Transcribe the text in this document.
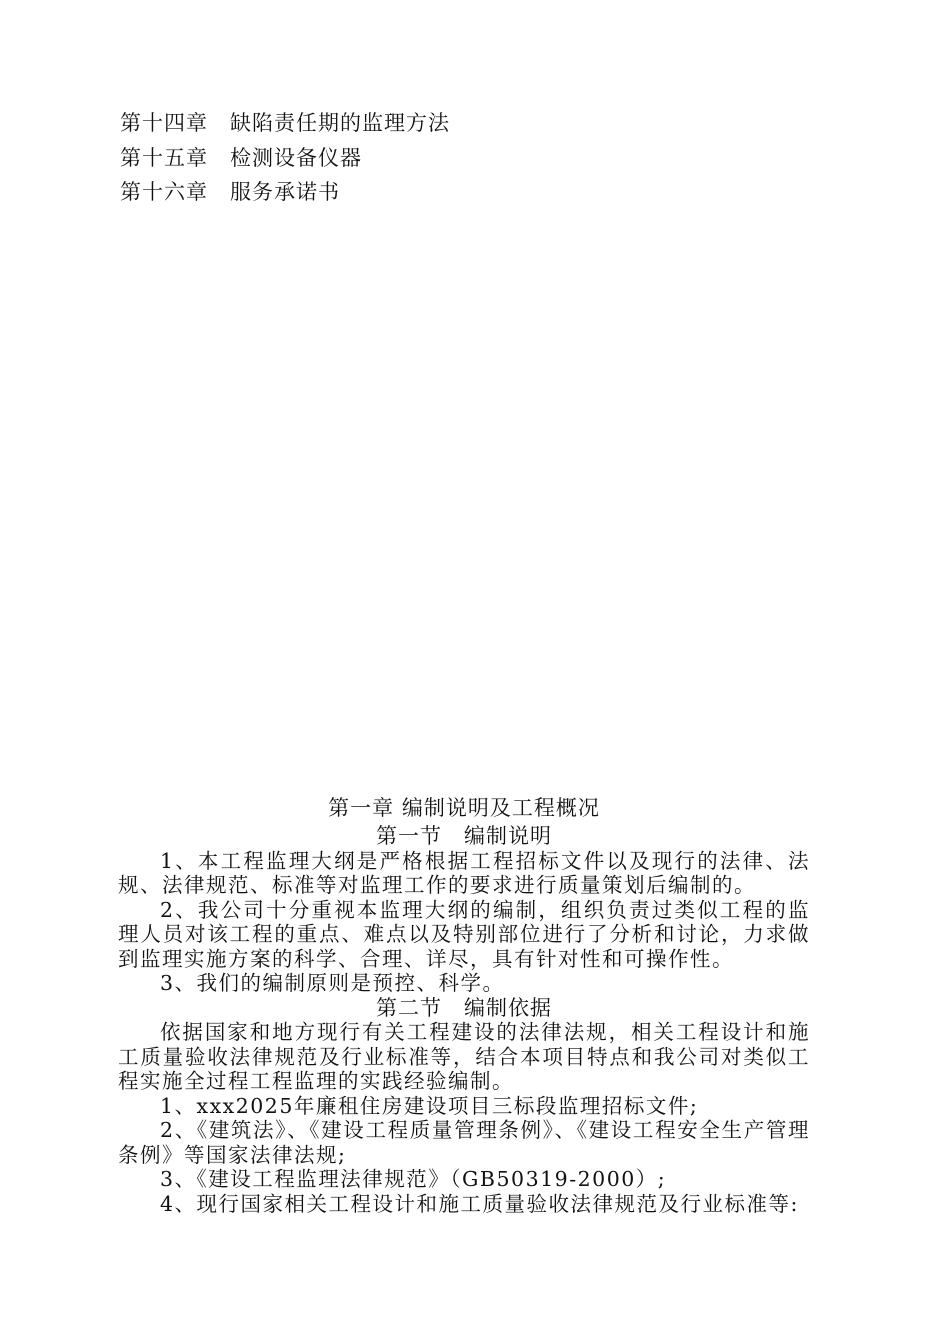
第十四章 缺陷责任期的监理方法
第十五章 检测设备仪器
第十六章 服务承诺书
第一章 编制说明及工程概况
第一节　编制说明

1、本工程监理大纲是严格根据工程招标文件以及现行的法律、法规、法律规范、标准等对监理工作的要求进行质量策划后编制的。

2、我公司十分重视本监理大纲的编制，组织负责过类似工程的监理人员对该工程的重点、难点以及特别部位进行了分析和讨论，力求做到监理实施方案的科学、合理、详尽，具有针对性和可操作性。

3、我们的编制原则是预控、科学。

第二节　编制依据

依据国家和地方现行有关工程建设的法律法规，相关工程设计和施工质量验收法律规范及行业标准等，结合本项目特点和我公司对类似工程实施全过程工程监理的实践经验编制。

1、xxx2025年廉租住房建设项目三标段监理招标文件;

2、《建筑法》、《建设工程质量管理条例》、《建设工程安全生产管理条例》等国家法律法规;

3、《建设工程监理法律规范》（GB50319-2000）;

4、现行国家相关工程设计和施工质量验收法律规范及行业标准等:
